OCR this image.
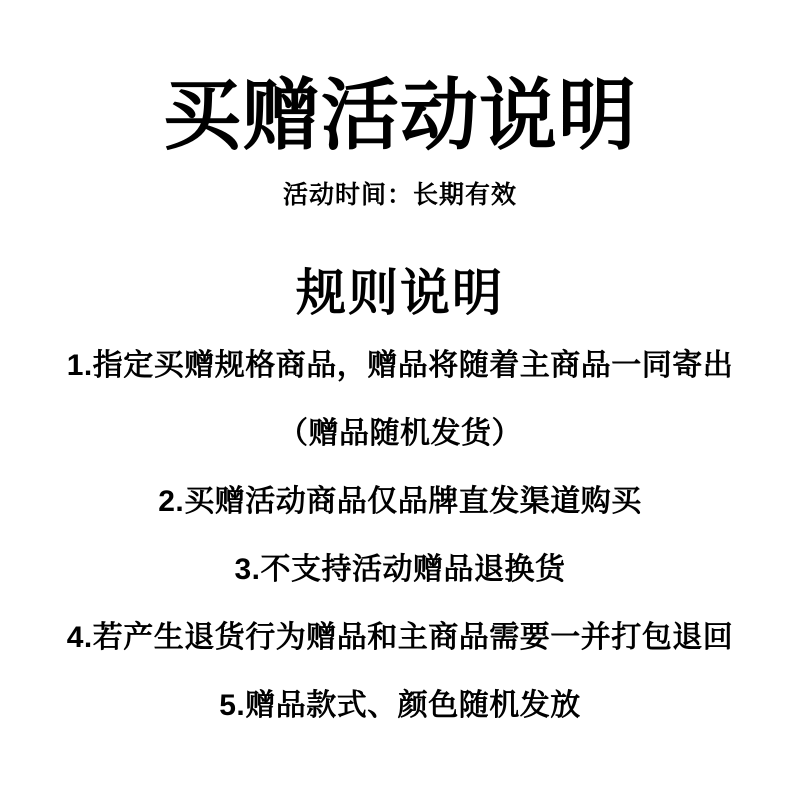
买赠活动说明
活动时间：长期有效
规则说明

1.指定买赠规格商品，赠品将随着主商品一同寄出

（赠品随机发货）

2.买赠活动商品仅品牌直发渠道购买

3.不支持活动赠品退换货

4.若产生退货行为赠品和主商品需要一并打包退回

5.赠品款式、颜色随机发放
